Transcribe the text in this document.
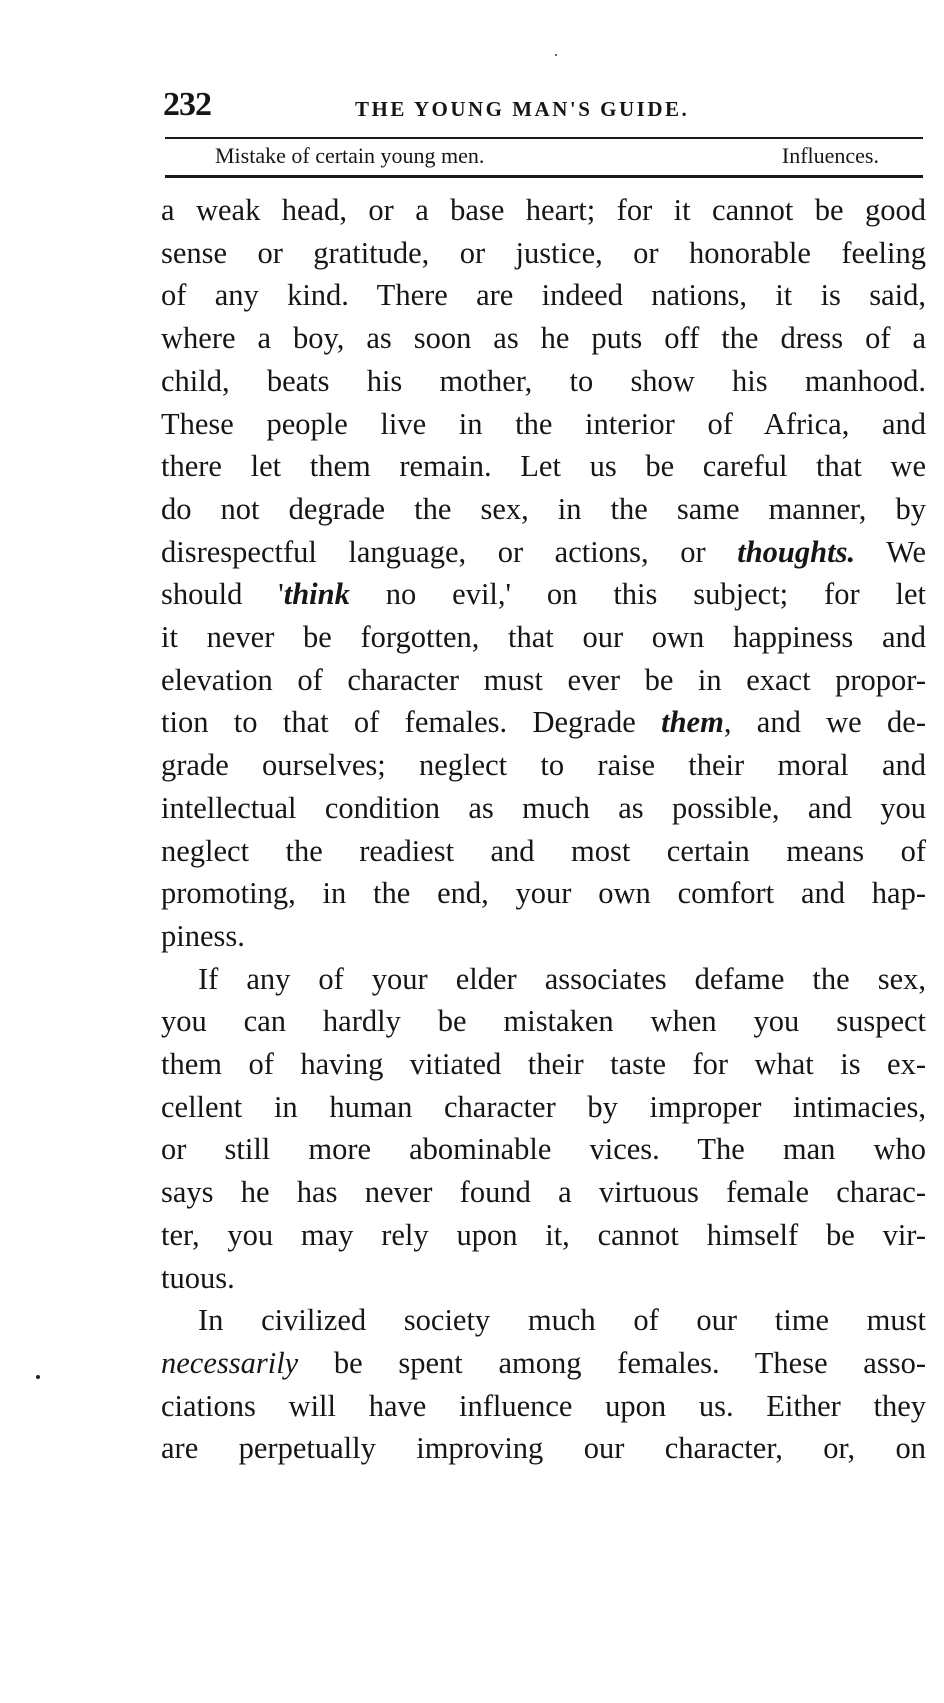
232	THE YOUNG MAN'S GUIDE.
Mistake of certain young men.	Influences.
a weak head, or a base heart; for it cannot be good
sense or gratitude, or justice, or honorable feeling
of any kind. There are indeed nations, it is said,
where a boy, as soon as he puts off the dress of a
child, beats his mother, to show his manhood.
These people live in the interior of Africa, and
there let them remain. Let us be careful that we
do not degrade the sex, in the same manner, by
disrespectful language, or actions, or thoughts. We
should 'think no evil,' on this subject; for let
it never be forgotten, that our own happiness and
elevation of character must ever be in exact propor-
tion to that of females. Degrade them, and we de-
grade ourselves; neglect to raise their moral and
intellectual condition as much as possible, and you
neglect the readiest and most certain means of
promoting, in the end, your own comfort and hap-
piness.
If any of your elder associates defame the sex,
you can hardly be mistaken when you suspect
them of having vitiated their taste for what is ex-
cellent in human character by improper intimacies,
or still more abominable vices. The man who
says he has never found a virtuous female charac-
ter, you may rely upon it, cannot himself be vir-
tuous.
In civilized society much of our time must
necessarily be spent among females. These asso-
ciations will have influence upon us. Either they
are perpetually improving our character, or, on
